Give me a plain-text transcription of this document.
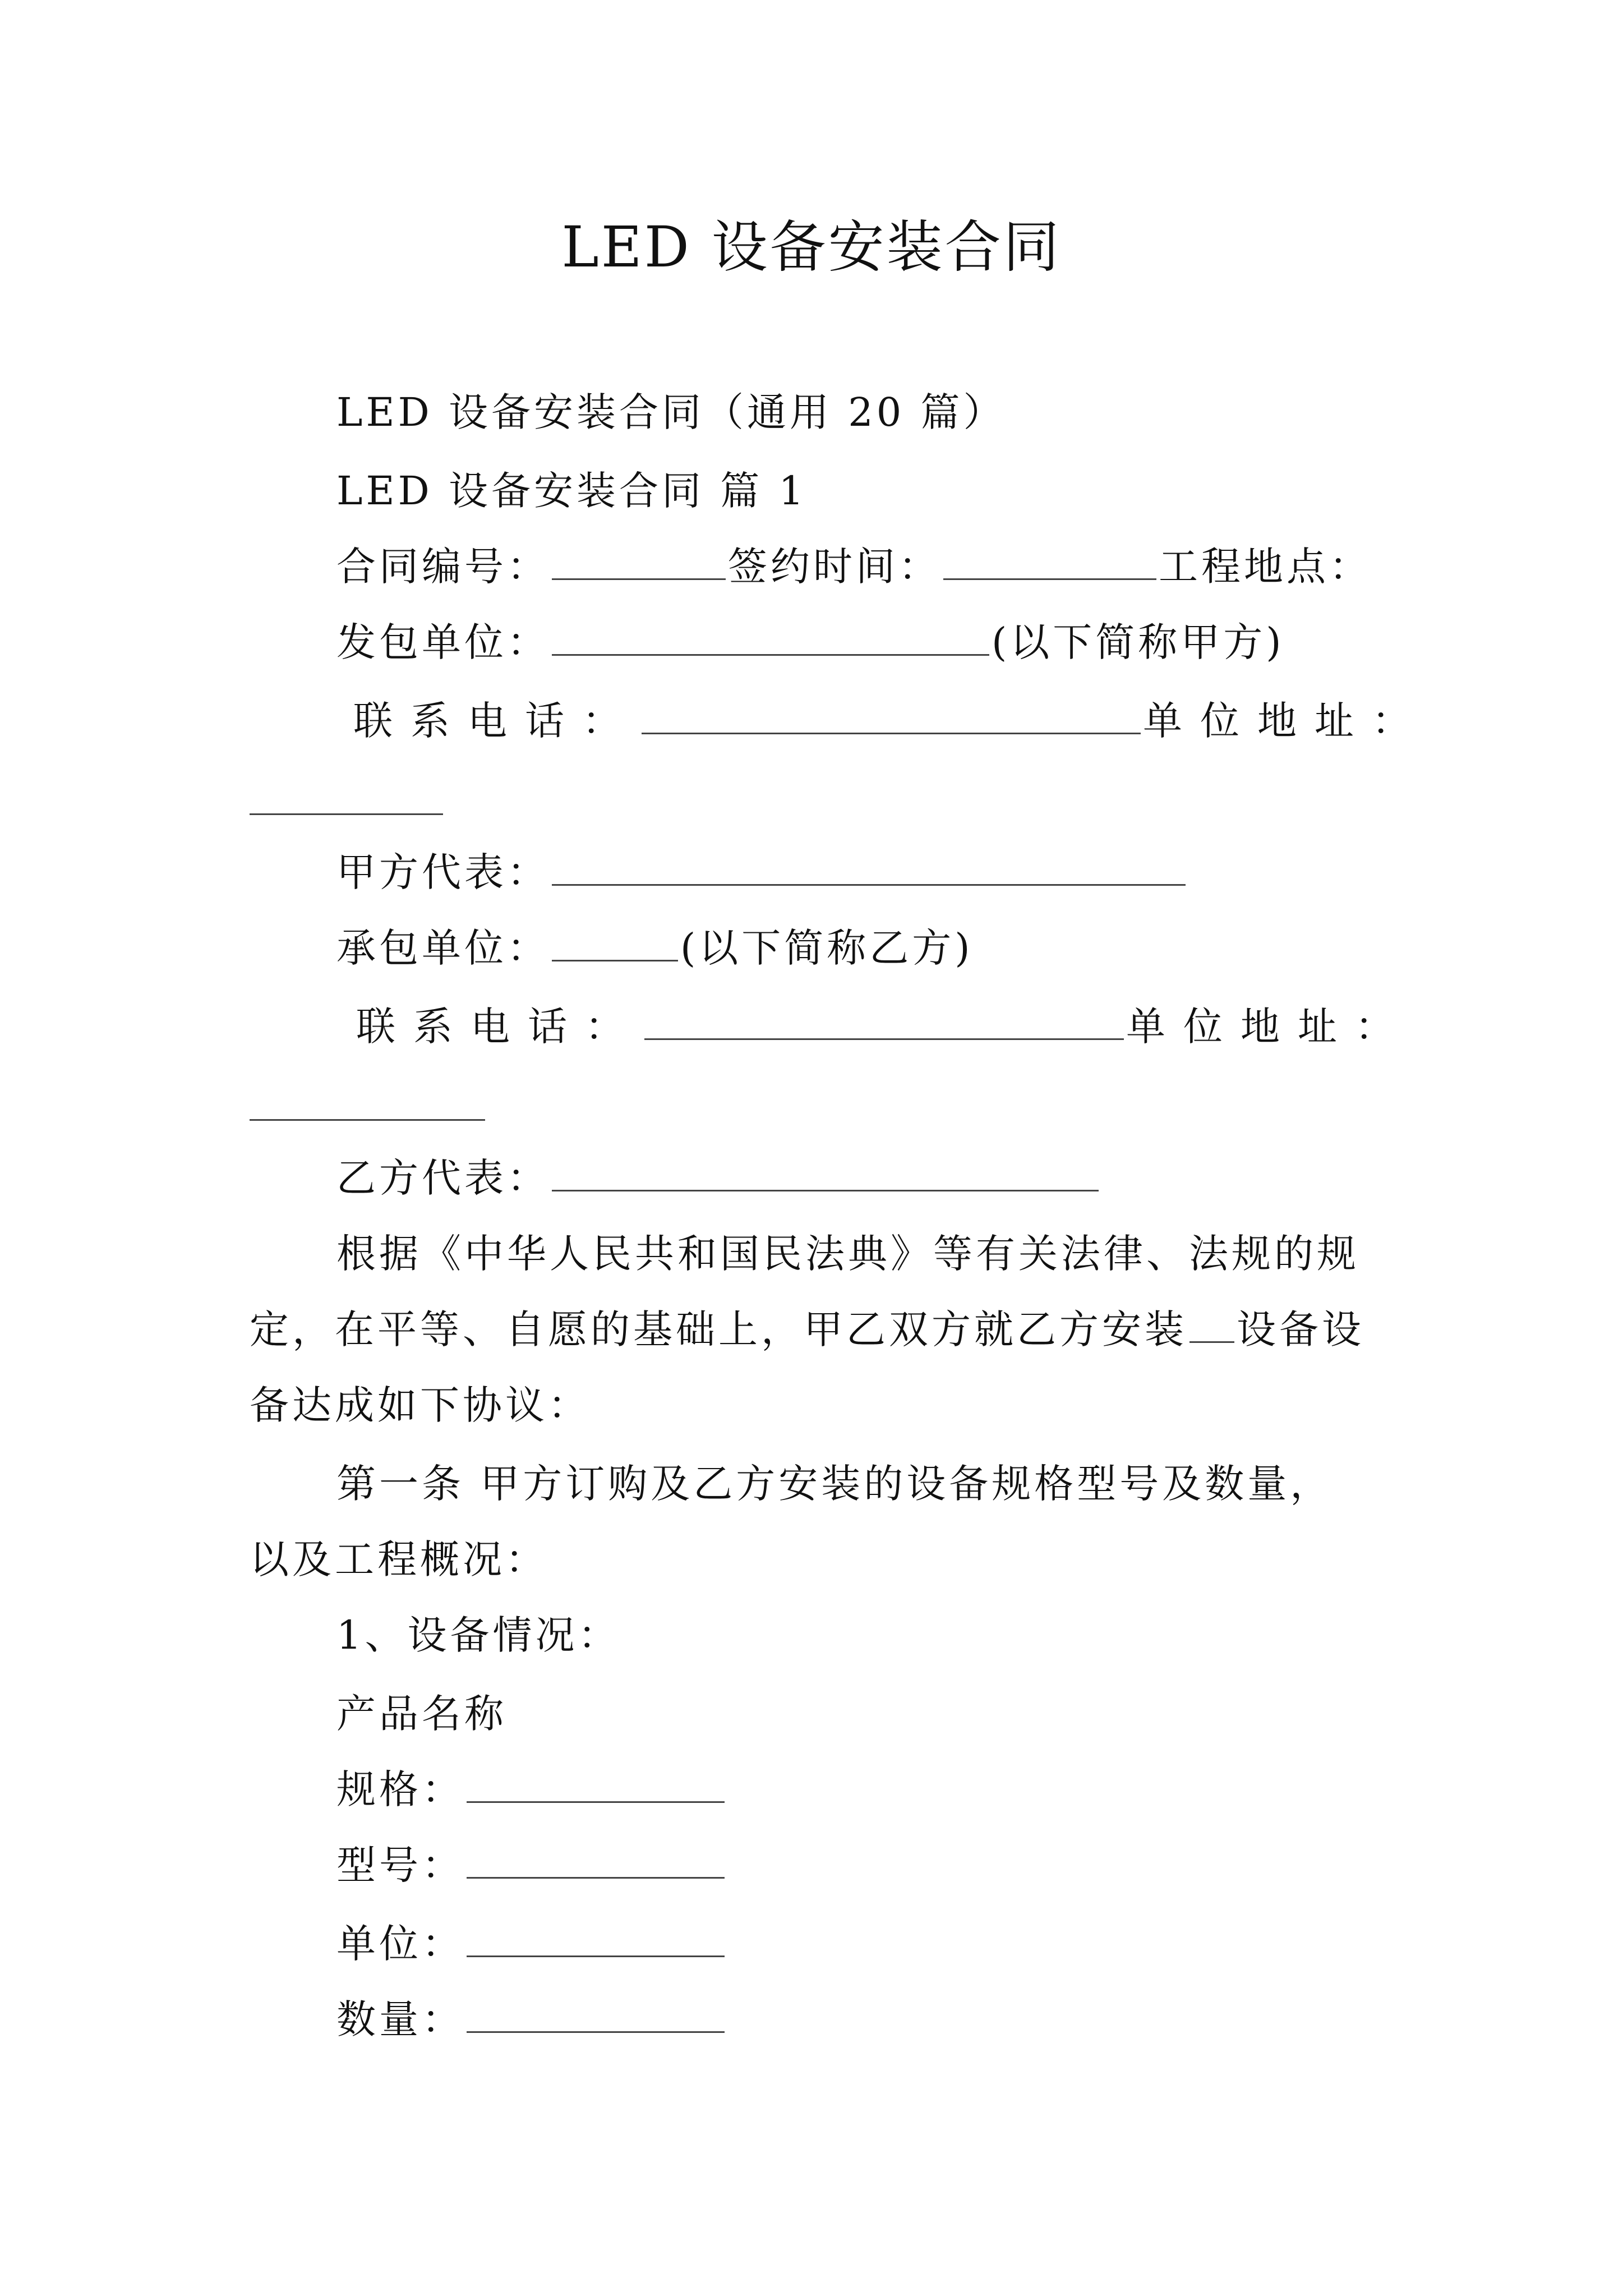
LED 设备安装合同
LED 设备安装合同（通用 20 篇）
LED 设备安装合同 篇 1
合同编号：	签约时间：	工程地点：
发包单位：	(以下简称甲方)
联系电话：	单位地址：
甲方代表：
承包单位：	(以下简称乙方)
联系电话：	单位地址：
乙方代表：
根据《中华人民共和国民法典》等有关法律、法规的规
定，在平等、自愿的基础上，甲乙双方就乙方安装 设备设
备达成如下协议：
第一条 甲方订购及乙方安装的设备规格型号及数量，
以及工程概况：
1、设备情况：
产品名称
规格：
型号：
单位：
数量：
